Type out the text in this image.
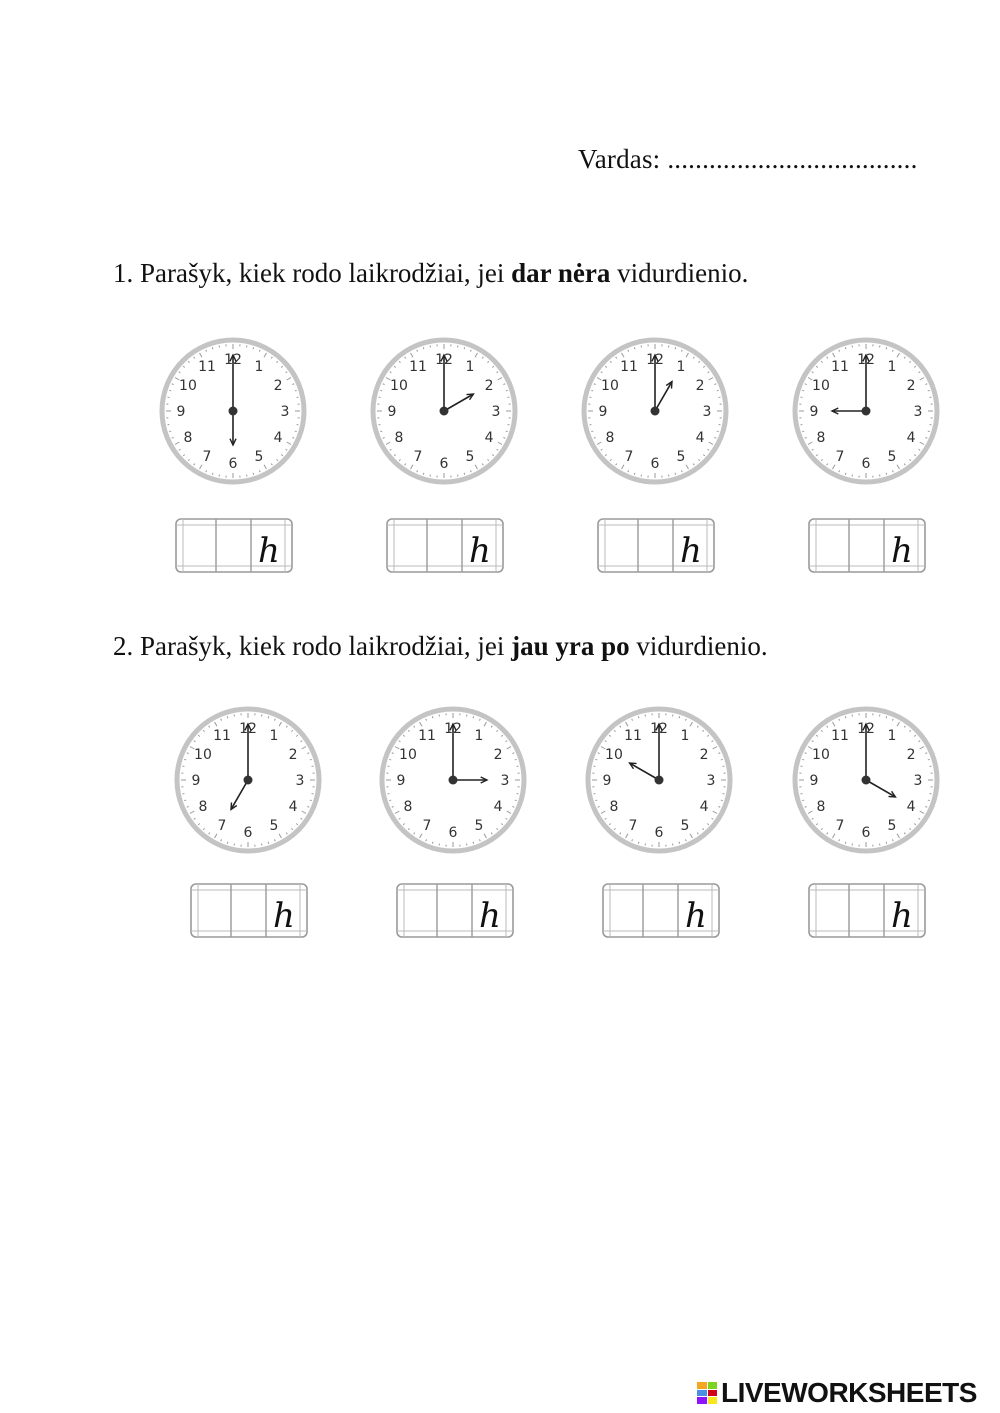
Vardas: ....................................
1. Parašyk, kiek rodo laikrodžiai, jei dar nėra vidurdienio.
2. Parašyk, kiek rodo laikrodžiai, jei jau yra po vidurdienio.
12 1
2
3
4
5
6
7
8
9
10
11
h
12 1
2
3
4
5
6
7
8
9
10
11
h
12 1
2
3
4
5
6
7
8
9
10
11
h
12 1
2
3
4
5
6
7
8
9
10
11
h
12 1
2
3
4
5
6
7
8
9
10
11
h
12 1
2
3
4
5
6
7
8
9
10
11
h
12 1
2
3
4
5
6
7
8
9
10
11
h
12 1
2
3
4
5
6
7
8
9
10
11
h
LIVEWORKSHEETS
